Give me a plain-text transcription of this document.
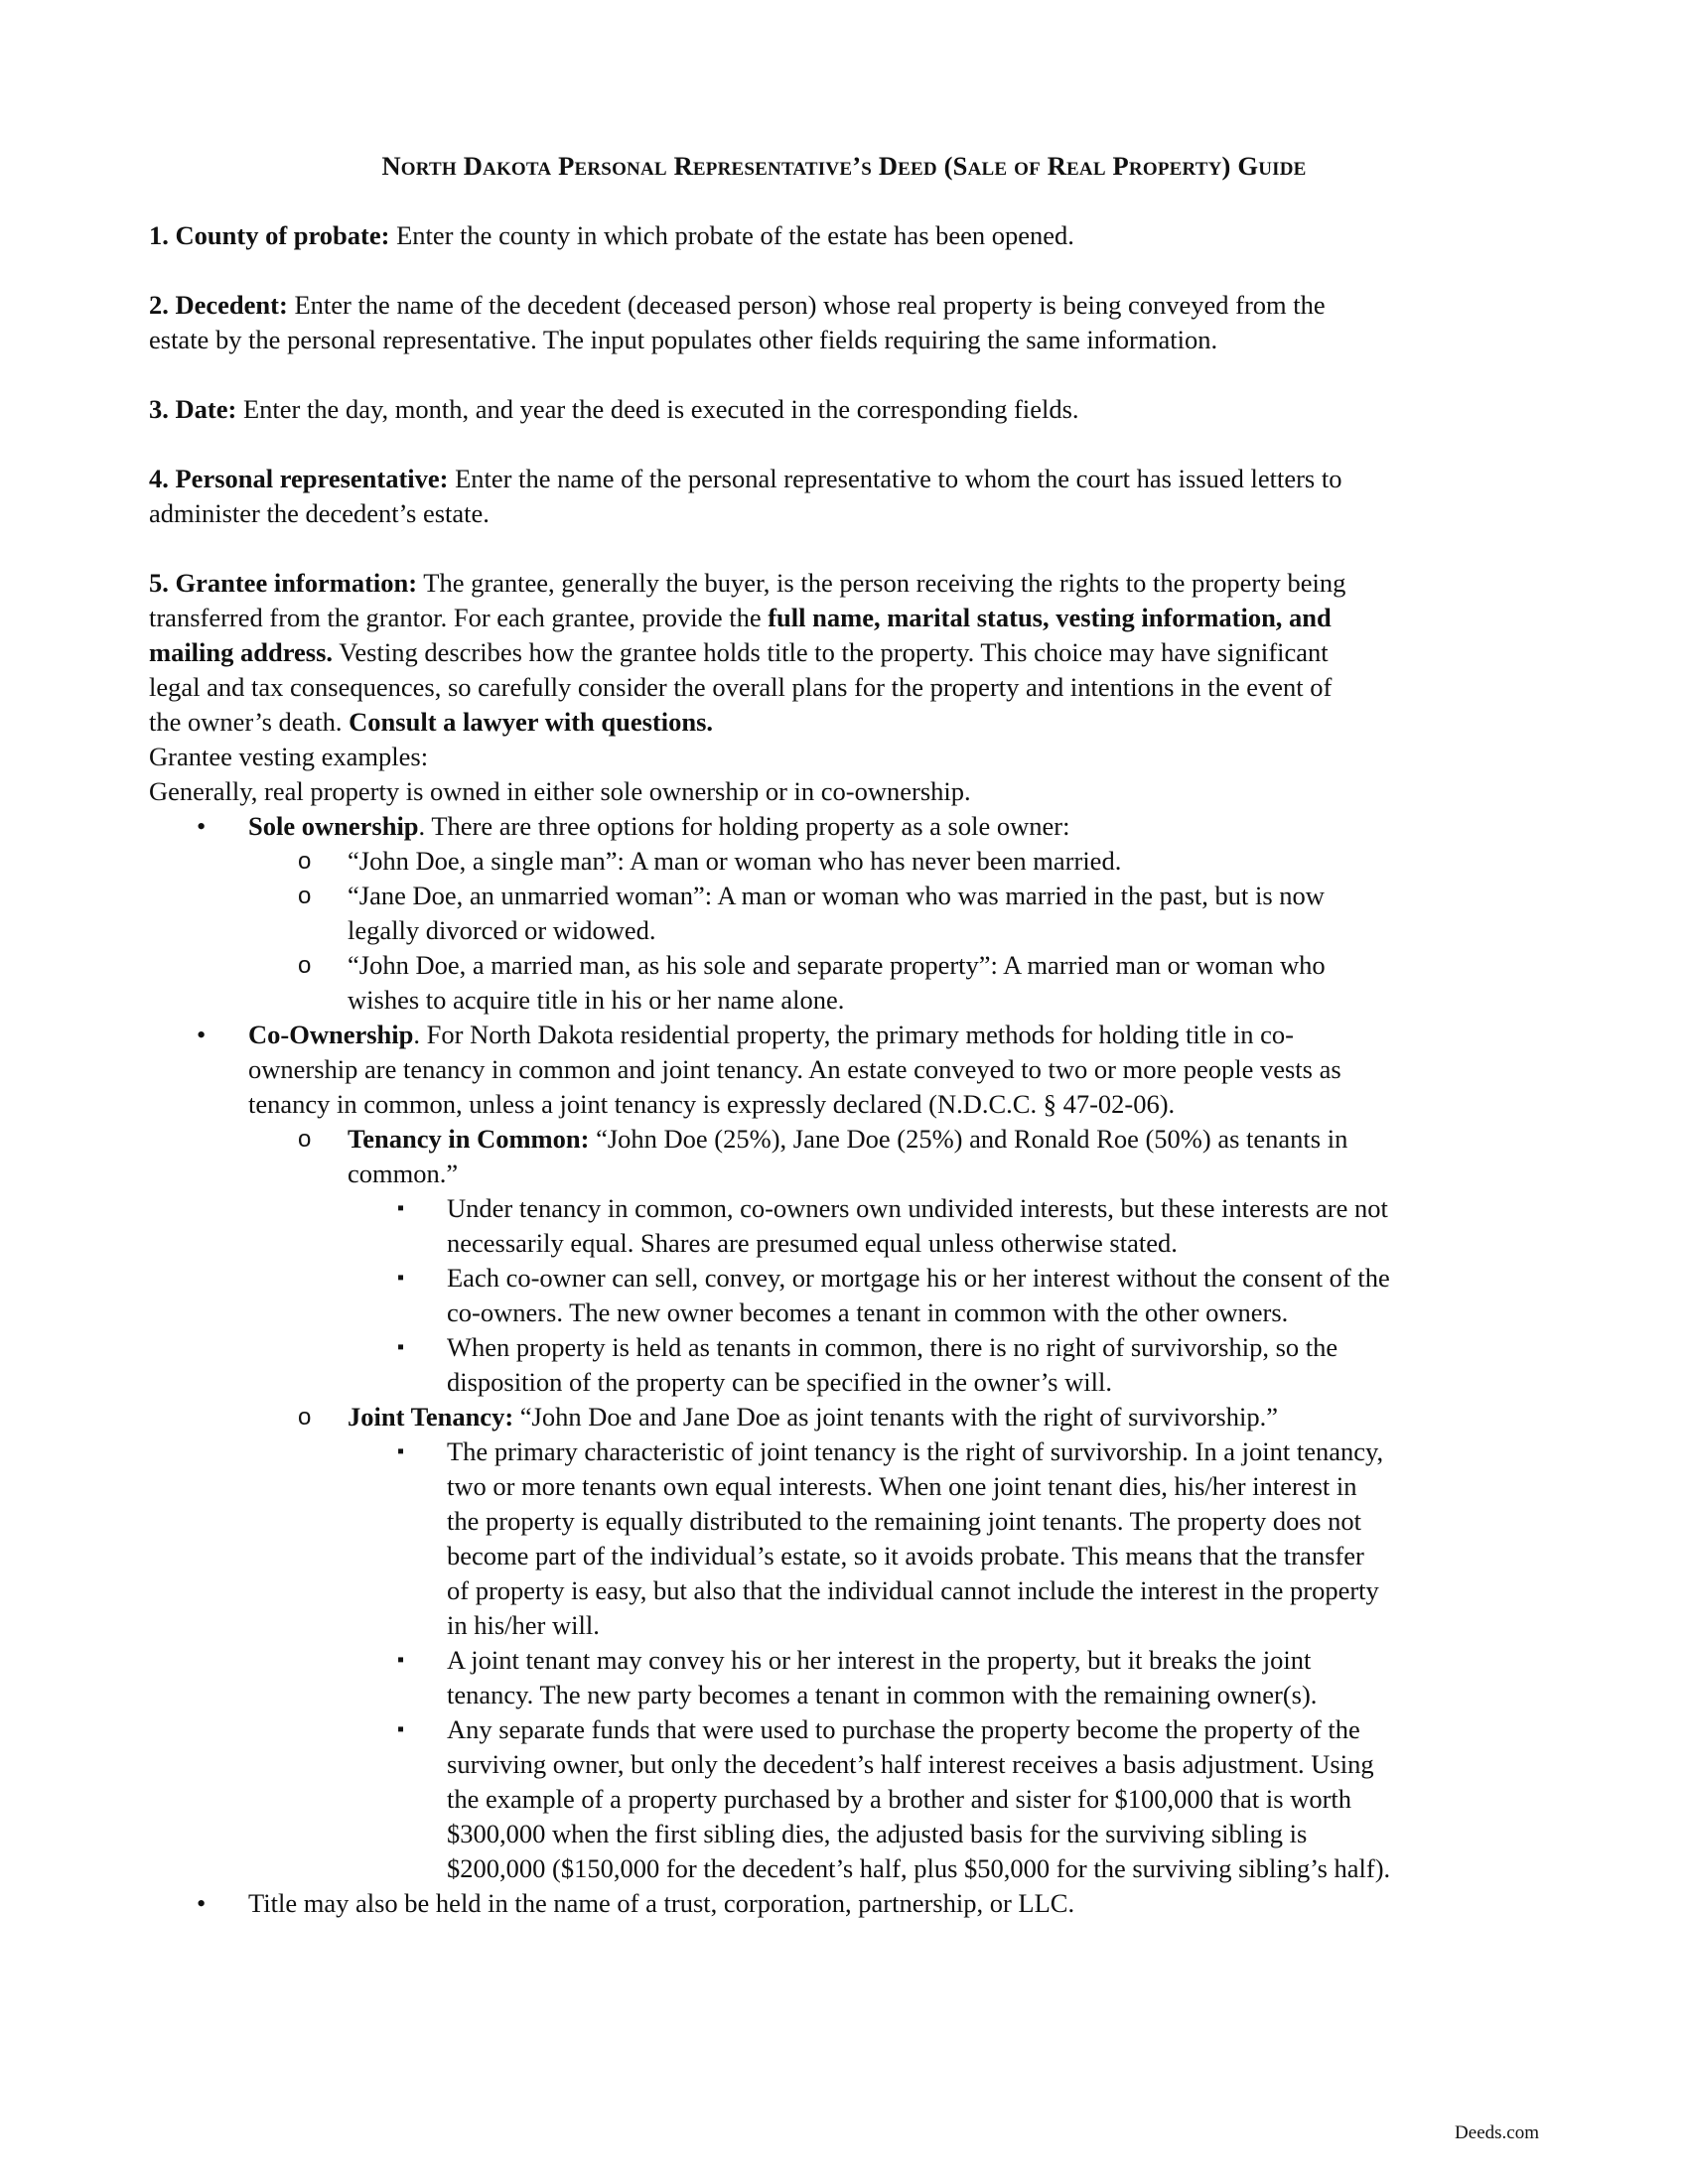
North Dakota Personal Representative’s Deed (Sale of Real Property) Guide

1. County of probate: Enter the county in which probate of the estate has been opened.

2. Decedent: Enter the name of the decedent (deceased person) whose real property is being conveyed from the

estate by the personal representative. The input populates other fields requiring the same information.

3. Date: Enter the day, month, and year the deed is executed in the corresponding fields.

4. Personal representative: Enter the name of the personal representative to whom the court has issued letters to

administer the decedent’s estate.

5. Grantee information: The grantee, generally the buyer, is the person receiving the rights to the property being

transferred from the grantor. For each grantee, provide the full name, marital status, vesting information, and

mailing address. Vesting describes how the grantee holds title to the property. This choice may have significant

legal and tax consequences, so carefully consider the overall plans for the property and intentions in the event of

the owner’s death. Consult a lawyer with questions.

Grantee vesting examples:

Generally, real property is owned in either sole ownership or in co-ownership.

• Sole ownership. There are three options for holding property as a sole owner:
o “John Doe, a single man”: A man or woman who has never been married.
o “Jane Doe, an unmarried woman”: A man or woman who was married in the past, but is now
legally divorced or widowed.
o “John Doe, a married man, as his sole and separate property”: A married man or woman who
wishes to acquire title in his or her name alone.
• Co-Ownership. For North Dakota residential property, the primary methods for holding title in co-
ownership are tenancy in common and joint tenancy. An estate conveyed to two or more people vests as
tenancy in common, unless a joint tenancy is expressly declared (N.D.C.C. § 47-02-06).
o Tenancy in Common: “John Doe (25%), Jane Doe (25%) and Ronald Roe (50%) as tenants in
common.”
▪ Under tenancy in common, co-owners own undivided interests, but these interests are not
necessarily equal. Shares are presumed equal unless otherwise stated.
▪ Each co-owner can sell, convey, or mortgage his or her interest without the consent of the
co-owners. The new owner becomes a tenant in common with the other owners.
▪ When property is held as tenants in common, there is no right of survivorship, so the
disposition of the property can be specified in the owner’s will.
o Joint Tenancy: “John Doe and Jane Doe as joint tenants with the right of survivorship.”
▪ The primary characteristic of joint tenancy is the right of survivorship. In a joint tenancy,
two or more tenants own equal interests. When one joint tenant dies, his/her interest in
the property is equally distributed to the remaining joint tenants. The property does not
become part of the individual’s estate, so it avoids probate. This means that the transfer
of property is easy, but also that the individual cannot include the interest in the property
in his/her will.
▪ A joint tenant may convey his or her interest in the property, but it breaks the joint
tenancy. The new party becomes a tenant in common with the remaining owner(s).
▪ Any separate funds that were used to purchase the property become the property of the
surviving owner, but only the decedent’s half interest receives a basis adjustment. Using
the example of a property purchased by a brother and sister for $100,000 that is worth
$300,000 when the first sibling dies, the adjusted basis for the surviving sibling is
$200,000 ($150,000 for the decedent’s half, plus $50,000 for the surviving sibling’s half).
• Title may also be held in the name of a trust, corporation, partnership, or LLC.
Deeds.com
